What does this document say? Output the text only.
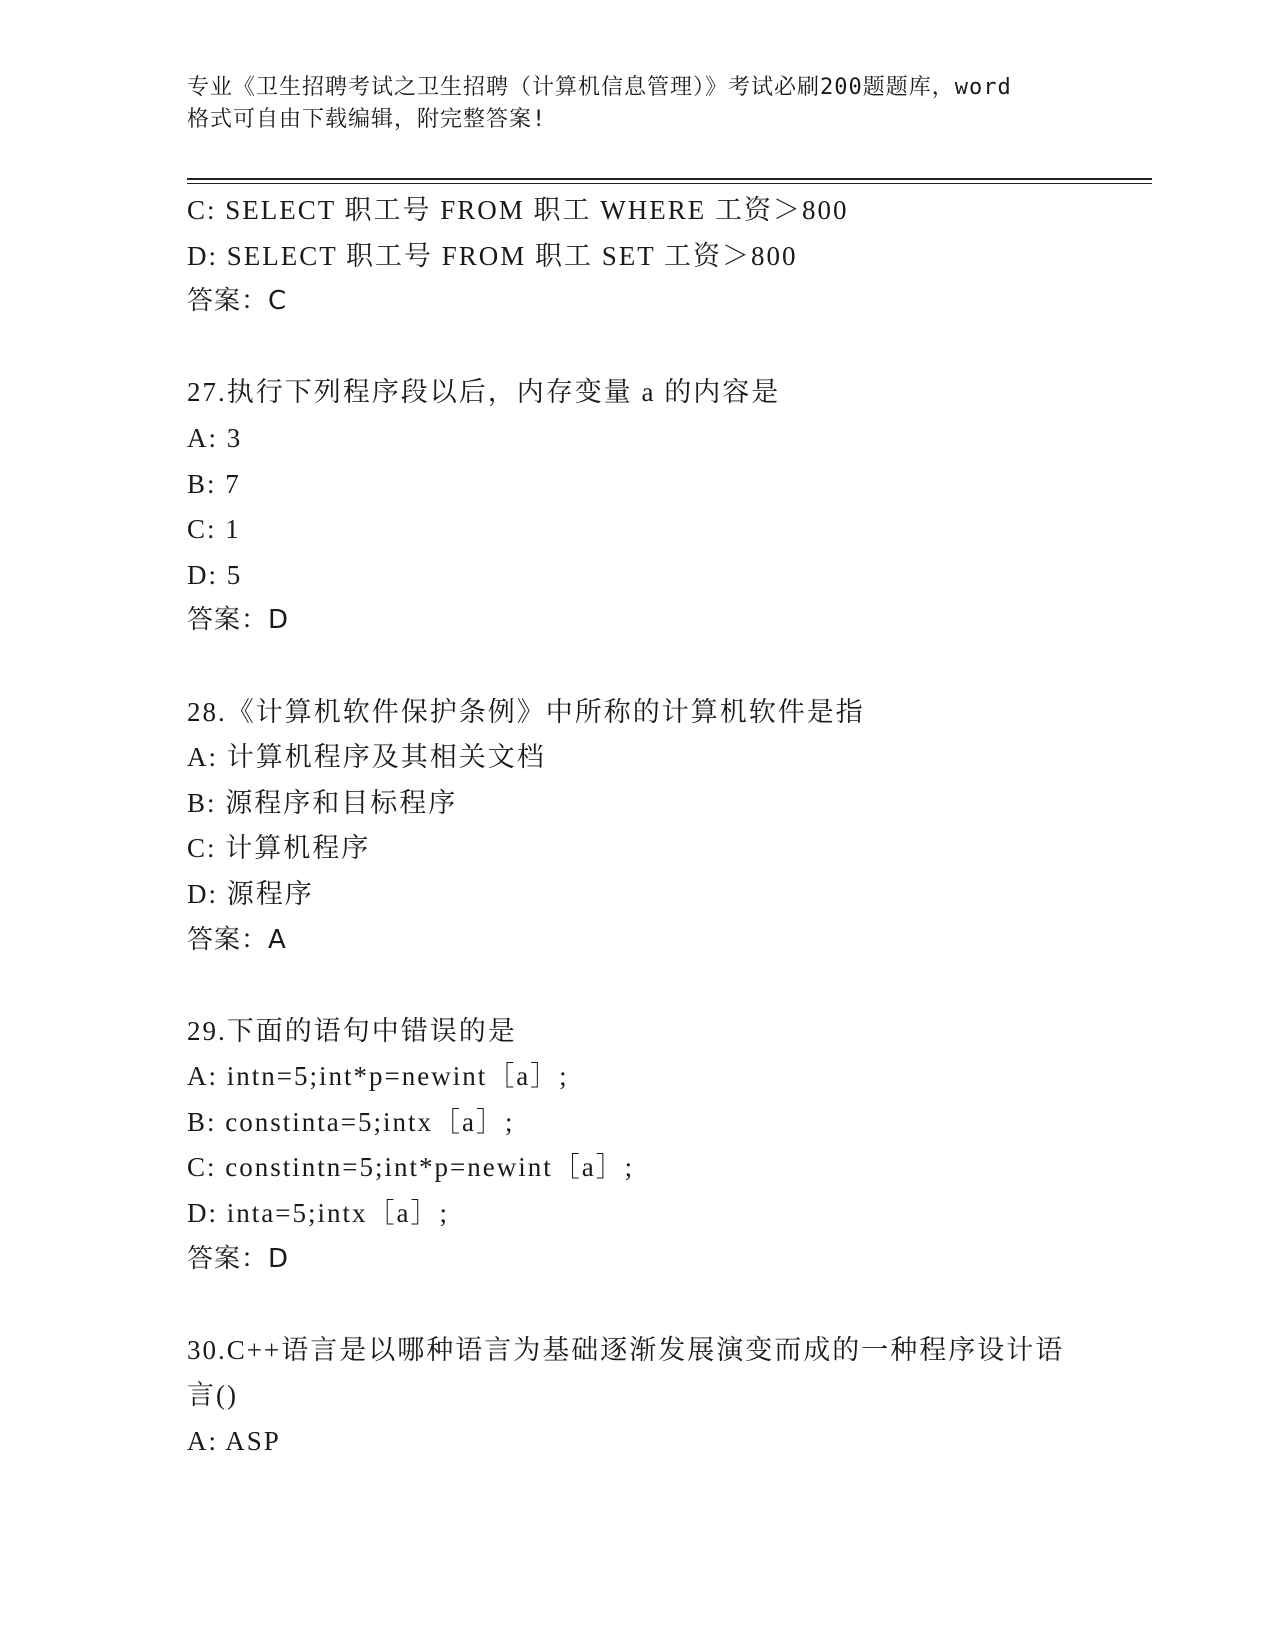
专业《卫生招聘考试之卫生招聘（计算机信息管理）》考试必刷200题题库，word
格式可自由下载编辑，附完整答案!
C: SELECT 职工号 FROM 职工 WHERE 工资＞800
D: SELECT 职工号 FROM 职工 SET 工资＞800
答案：C
27.执行下列程序段以后，内存变量 a 的内容是
A: 3
B: 7
C: 1
D: 5
答案：D
28.《计算机软件保护条例》中所称的计算机软件是指
A: 计算机程序及其相关文档
B: 源程序和目标程序
C: 计算机程序
D: 源程序
答案：A
29.下面的语句中错误的是
A: intn=5;int*p=newint［a］;
B: constinta=5;intx［a］;
C: constintn=5;int*p=newint［a］;
D: inta=5;intx［a］;
答案：D
30.C++语言是以哪种语言为基础逐渐发展演变而成的一种程序设计语
言()
A: ASP
